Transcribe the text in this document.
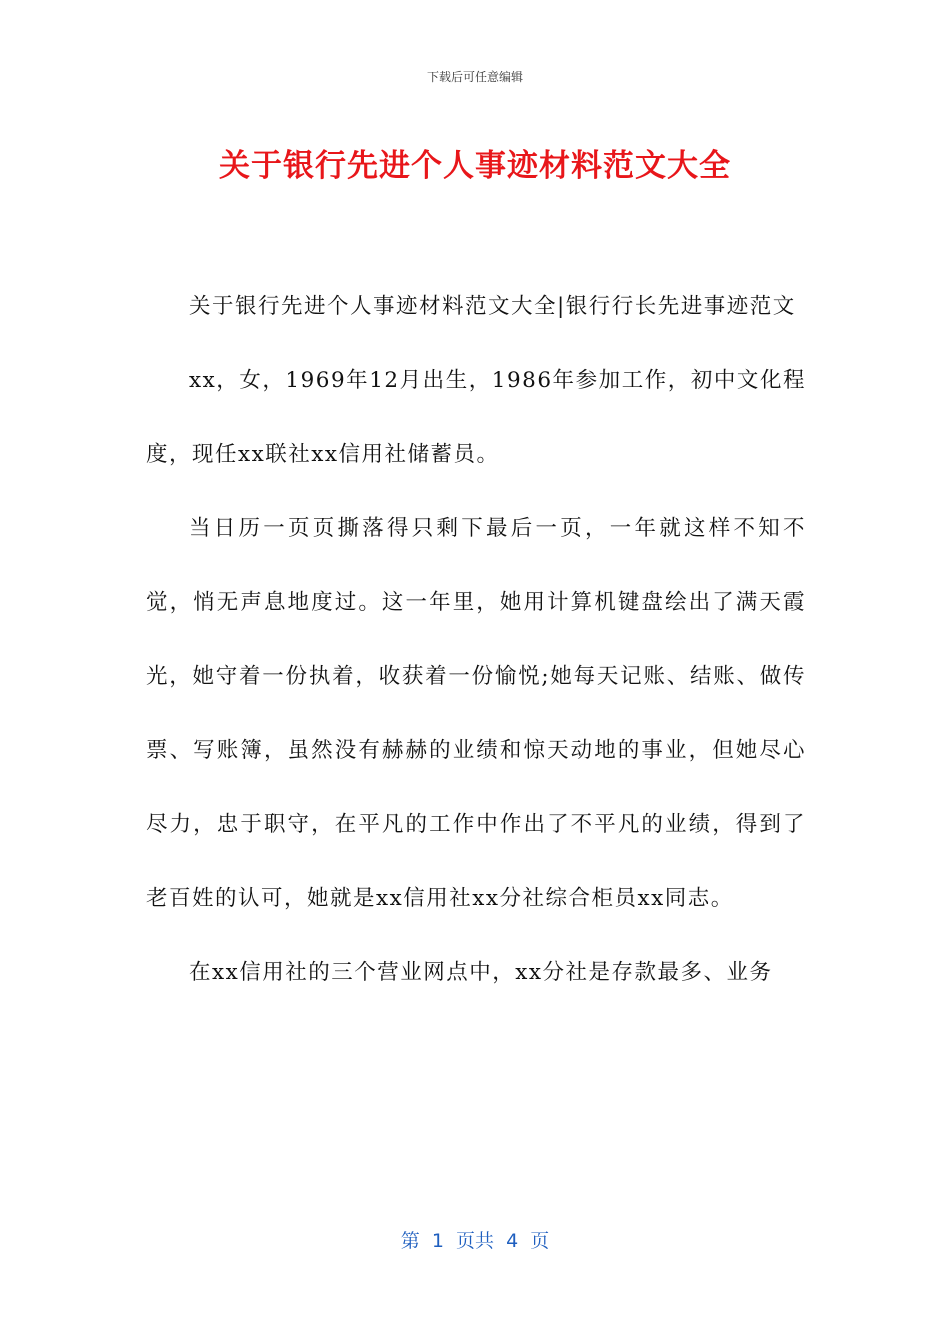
下载后可任意编辑
关于银行先进个人事迹材料范文大全

关于银行先进个人事迹材料范文大全|银行行长先进事迹范文

xx，女，1969年12月出生，1986年参加工作，初中文化程度，现任xx联社xx信用社储蓄员。

当日历一页页撕落得只剩下最后一页，一年就这样不知不觉，悄无声息地度过。这一年里，她用计算机键盘绘出了满天霞光，她守着一份执着，收获着一份愉悦;她每天记账、结账、做传票、写账簿，虽然没有赫赫的业绩和惊天动地的事业，但她尽心尽力，忠于职守，在平凡的工作中作出了不平凡的业绩，得到了老百姓的认可，她就是xx信用社xx分社综合柜员xx同志。

在xx信用社的三个营业网点中，xx分社是存款最多、业务

第  1  页共  4  页
